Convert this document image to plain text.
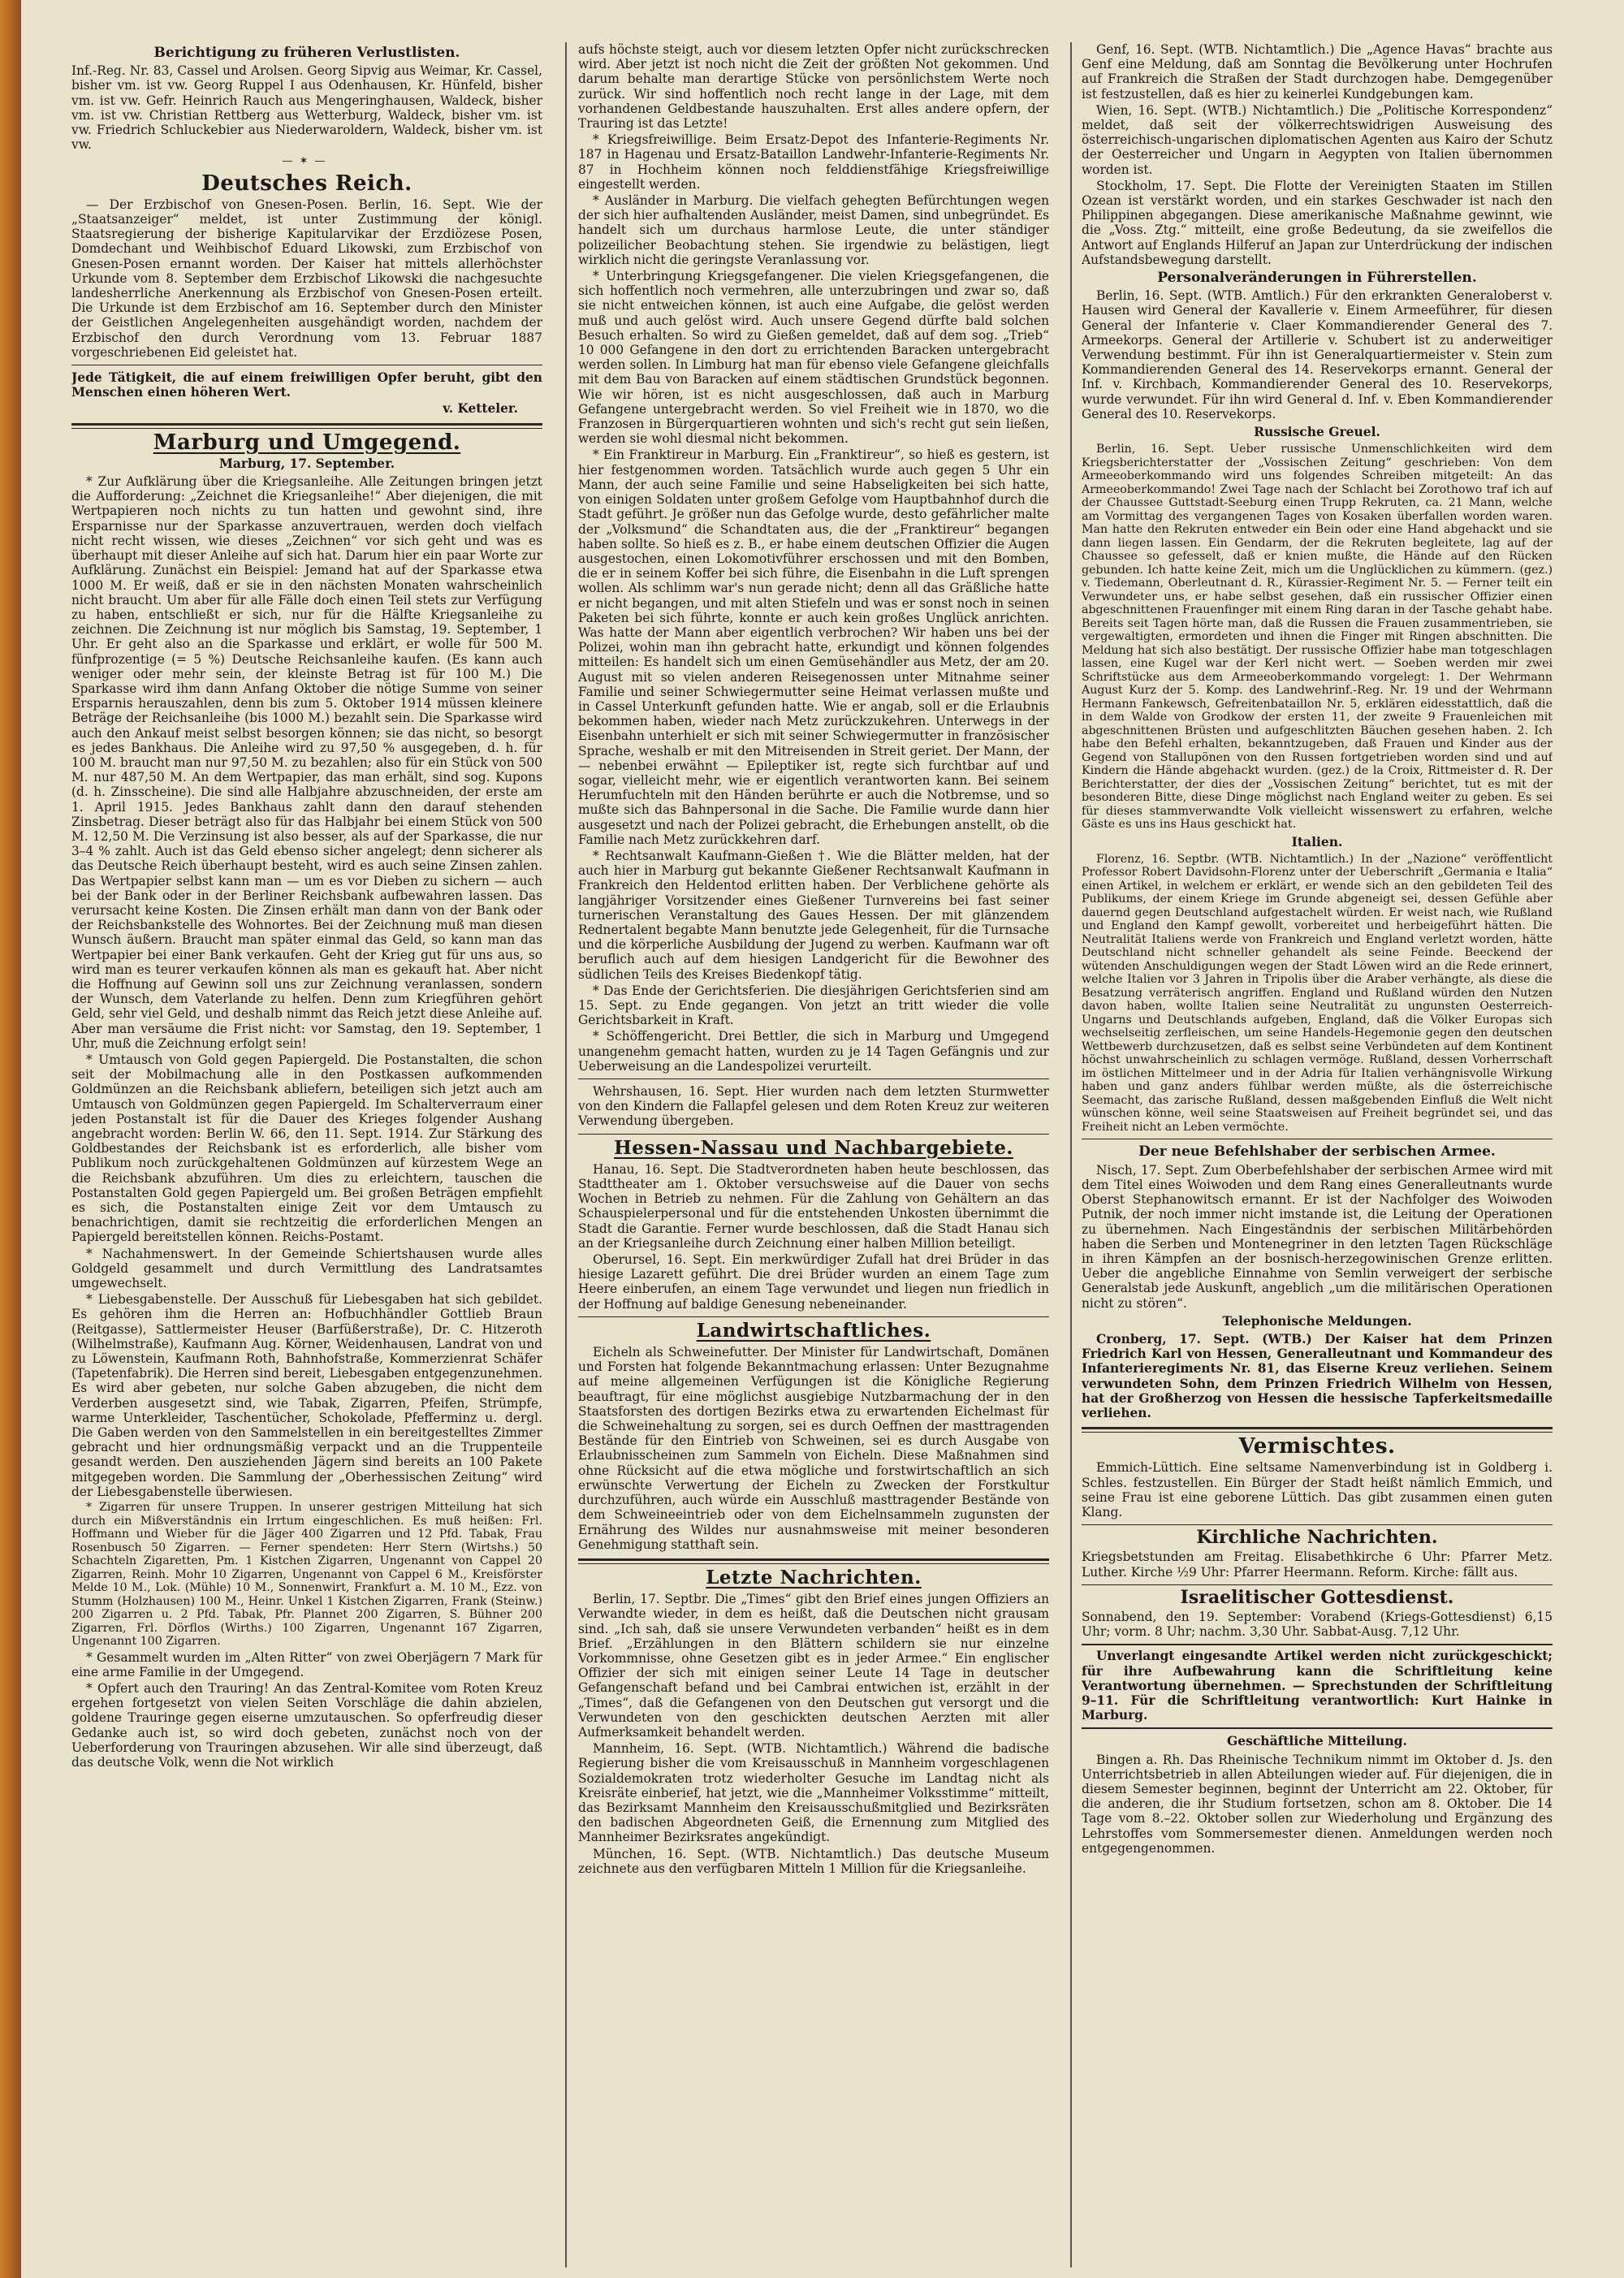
Berichtigung zu früheren Verlustlisten.

Inf.-Reg. Nr. 83, Cassel und Arolsen. Georg Sipvig aus Weimar, Kr. Cassel, bisher vm. ist vw. Georg Ruppel I aus Odenhausen, Kr. Hünfeld, bisher vm. ist vw. Gefr. Heinrich Rauch aus Mengeringhausen, Waldeck, bisher vm. ist vw. Christian Rettberg aus Wetterburg, Waldeck, bisher vm. ist vw. Friedrich Schluckebier aus Niederwaroldern, Waldeck, bisher vm. ist vw.

—✶—
Deutsches Reich.

— Der Erzbischof von Gnesen-Posen. Berlin, 16. Sept. Wie der „Staatsanzeiger“ meldet, ist unter Zustimmung der königl. Staatsregierung der bisherige Kapitularvikar der Erzdiözese Posen, Domdechant und Weihbischof Eduard Likowski, zum Erzbischof von Gnesen-Posen ernannt worden. Der Kaiser hat mittels allerhöchster Urkunde vom 8. September dem Erzbischof Likowski die nachgesuchte landesherrliche Anerkennung als Erzbischof von Gnesen-Posen erteilt. Die Urkunde ist dem Erzbischof am 16. September durch den Minister der Geistlichen Angelegenheiten ausgehändigt worden, nachdem der Erzbischof den durch Verordnung vom 13. Februar 1887 vorgeschriebenen Eid geleistet hat.

Jede Tätigkeit, die auf einem freiwilligen Opfer beruht, gibt den Menschen einen höheren Wert.

v. Ketteler.
Marburg und Umgegend.
Marburg, 17. September.

* Zur Aufklärung über die Kriegsanleihe. Alle Zeitungen bringen jetzt die Aufforderung: „Zeichnet die Kriegsanleihe!“ Aber diejenigen, die mit Wertpapieren noch nichts zu tun hatten und gewohnt sind, ihre Ersparnisse nur der Sparkasse anzuvertrauen, werden doch vielfach nicht recht wissen, wie dieses „Zeichnen“ vor sich geht und was es überhaupt mit dieser Anleihe auf sich hat. Darum hier ein paar Worte zur Aufklärung. Zunächst ein Beispiel: Jemand hat auf der Sparkasse etwa 1000 M. Er weiß, daß er sie in den nächsten Monaten wahrscheinlich nicht braucht. Um aber für alle Fälle doch einen Teil stets zur Verfügung zu haben, entschließt er sich, nur für die Hälfte Kriegsanleihe zu zeichnen. Die Zeichnung ist nur möglich bis Samstag, 19. September, 1 Uhr. Er geht also an die Sparkasse und erklärt, er wolle für 500 M. fünfprozentige (= 5 %) Deutsche Reichsanleihe kaufen. (Es kann auch weniger oder mehr sein, der kleinste Betrag ist für 100 M.) Die Sparkasse wird ihm dann Anfang Oktober die nötige Summe von seiner Ersparnis herauszahlen, denn bis zum 5. Oktober 1914 müssen kleinere Beträge der Reichsanleihe (bis 1000 M.) bezahlt sein. Die Sparkasse wird auch den Ankauf meist selbst besorgen können; sie das nicht, so besorgt es jedes Bankhaus. Die Anleihe wird zu 97,50 % ausgegeben, d. h. für 100 M. braucht man nur 97,50 M. zu bezahlen; also für ein Stück von 500 M. nur 487,50 M. An dem Wertpapier, das man erhält, sind sog. Kupons (d. h. Zinsscheine). Die sind alle Halbjahre abzuschneiden, der erste am 1. April 1915. Jedes Bankhaus zahlt dann den darauf stehenden Zinsbetrag. Dieser beträgt also für das Halbjahr bei einem Stück von 500 M. 12,50 M. Die Verzinsung ist also besser, als auf der Sparkasse, die nur 3–4 % zahlt. Auch ist das Geld ebenso sicher angelegt; denn sicherer als das Deutsche Reich überhaupt besteht, wird es auch seine Zinsen zahlen. Das Wertpapier selbst kann man — um es vor Dieben zu sichern — auch bei der Bank oder in der Berliner Reichsbank aufbewahren lassen. Das verursacht keine Kosten. Die Zinsen erhält man dann von der Bank oder der Reichsbankstelle des Wohnortes. Bei der Zeichnung muß man diesen Wunsch äußern. Braucht man später einmal das Geld, so kann man das Wertpapier bei einer Bank verkaufen. Geht der Krieg gut für uns aus, so wird man es teurer verkaufen können als man es gekauft hat. Aber nicht die Hoffnung auf Gewinn soll uns zur Zeichnung veranlassen, sondern der Wunsch, dem Vaterlande zu helfen. Denn zum Kriegführen gehört Geld, sehr viel Geld, und deshalb nimmt das Reich jetzt diese Anleihe auf. Aber man versäume die Frist nicht: vor Samstag, den 19. September, 1 Uhr, muß die Zeichnung erfolgt sein!

* Umtausch von Gold gegen Papiergeld. Die Postanstalten, die schon seit der Mobilmachung alle in den Postkassen aufkommenden Goldmünzen an die Reichsbank abliefern, beteiligen sich jetzt auch am Umtausch von Goldmünzen gegen Papiergeld. Im Schalterverraum einer jeden Postanstalt ist für die Dauer des Krieges folgender Aushang angebracht worden: Berlin W. 66, den 11. Sept. 1914. Zur Stärkung des Goldbestandes der Reichsbank ist es erforderlich, alle bisher vom Publikum noch zurückgehaltenen Goldmünzen auf kürzestem Wege an die Reichsbank abzuführen. Um dies zu erleichtern, tauschen die Postanstalten Gold gegen Papiergeld um. Bei großen Beträgen empfiehlt es sich, die Postanstalten einige Zeit vor dem Umtausch zu benachrichtigen, damit sie rechtzeitig die erforderlichen Mengen an Papiergeld bereitstellen können. Reichs-Postamt.

* Nachahmenswert. In der Gemeinde Schiertshausen wurde alles Goldgeld gesammelt und durch Vermittlung des Landratsamtes umgewechselt.

* Liebesgabenstelle. Der Ausschuß für Liebesgaben hat sich gebildet. Es gehören ihm die Herren an: Hofbuchhändler Gottlieb Braun (Reitgasse), Sattlermeister Heuser (Barfüßerstraße), Dr. C. Hitzeroth (Wilhelmstraße), Kaufmann Aug. Körner, Weidenhausen, Landrat von und zu Löwenstein, Kaufmann Roth, Bahnhofstraße, Kommerzienrat Schäfer (Tapetenfabrik). Die Herren sind bereit, Liebesgaben entgegenzunehmen. Es wird aber gebeten, nur solche Gaben abzugeben, die nicht dem Verderben ausgesetzt sind, wie Tabak, Zigarren, Pfeifen, Strümpfe, warme Unterkleider, Taschentücher, Schokolade, Pfefferminz u. dergl. Die Gaben werden von den Sammelstellen in ein bereitgestelltes Zimmer gebracht und hier ordnungsmäßig verpackt und an die Truppenteile gesandt werden. Den ausziehenden Jägern sind bereits an 100 Pakete mitgegeben worden. Die Sammlung der „Oberhessischen Zeitung“ wird der Liebesgabenstelle überwiesen.

* Zigarren für unsere Truppen. In unserer gestrigen Mitteilung hat sich durch ein Mißverständnis ein Irrtum eingeschlichen. Es muß heißen: Frl. Hoffmann und Wieber für die Jäger 400 Zigarren und 12 Pfd. Tabak, Frau Rosenbusch 50 Zigarren. — Ferner spendeten: Herr Stern (Wirtshs.) 50 Schachteln Zigaretten, Pm. 1 Kistchen Zigarren, Ungenannt von Cappel 20 Zigarren, Reinh. Mohr 10 Zigarren, Ungenannt von Cappel 6 M., Kreisförster Melde 10 M., Lok. (Mühle) 10 M., Sonnenwirt, Frankfurt a. M. 10 M., Ezz. von Stumm (Holzhausen) 100 M., Heinr. Unkel 1 Kistchen Zigarren, Frank (Steinw.) 200 Zigarren u. 2 Pfd. Tabak, Pfr. Plannet 200 Zigarren, S. Bühner 200 Zigarren, Frl. Dörflos (Wirths.) 100 Zigarren, Ungenannt 167 Zigarren, Ungenannt 100 Zigarren.

* Gesammelt wurden im „Alten Ritter“ von zwei Oberjägern 7 Mark für eine arme Familie in der Umgegend.

* Opfert auch den Trauring! An das Zentral-Komitee vom Roten Kreuz ergehen fortgesetzt von vielen Seiten Vorschläge die dahin abzielen, goldene Trauringe gegen eiserne umzutauschen. So opferfreudig dieser Gedanke auch ist, so wird doch gebeten, zunächst noch von der Ueberforderung von Trauringen abzusehen. Wir alle sind überzeugt, daß das deutsche Volk, wenn die Not wirklich

aufs höchste steigt, auch vor diesem letzten Opfer nicht zurückschrecken wird. Aber jetzt ist noch nicht die Zeit der größten Not gekommen. Und darum behalte man derartige Stücke von persönlichstem Werte noch zurück. Wir sind hoffentlich noch recht lange in der Lage, mit dem vorhandenen Geldbestande hauszuhalten. Erst alles andere opfern, der Trauring ist das Letzte!

* Kriegsfreiwillige. Beim Ersatz-Depot des Infanterie-Regiments Nr. 187 in Hagenau und Ersatz-Bataillon Landwehr-Infanterie-Regiments Nr. 87 in Hochheim können noch felddienstfähige Kriegsfreiwillige eingestellt werden.

* Ausländer in Marburg. Die vielfach gehegten Befürchtungen wegen der sich hier aufhaltenden Ausländer, meist Damen, sind unbegründet. Es handelt sich um durchaus harmlose Leute, die unter ständiger polizeilicher Beobachtung stehen. Sie irgendwie zu belästigen, liegt wirklich nicht die geringste Veranlassung vor.

* Unterbringung Kriegsgefangener. Die vielen Kriegsgefangenen, die sich hoffentlich noch vermehren, alle unterzubringen und zwar so, daß sie nicht entweichen können, ist auch eine Aufgabe, die gelöst werden muß und auch gelöst wird. Auch unsere Gegend dürfte bald solchen Besuch erhalten. So wird zu Gießen gemeldet, daß auf dem sog. „Trieb“ 10 000 Gefangene in den dort zu errichtenden Baracken untergebracht werden sollen. In Limburg hat man für ebenso viele Gefangene gleichfalls mit dem Bau von Baracken auf einem städtischen Grundstück begonnen. Wie wir hören, ist es nicht ausgeschlossen, daß auch in Marburg Gefangene untergebracht werden. So viel Freiheit wie in 1870, wo die Franzosen in Bürgerquartieren wohnten und sich's recht gut sein ließen, werden sie wohl diesmal nicht bekommen.

* Ein Franktireur in Marburg. Ein „Franktireur“, so hieß es gestern, ist hier festgenommen worden. Tatsächlich wurde auch gegen 5 Uhr ein Mann, der auch seine Familie und seine Habseligkeiten bei sich hatte, von einigen Soldaten unter großem Gefolge vom Hauptbahnhof durch die Stadt geführt. Je größer nun das Gefolge wurde, desto gefährlicher malte der „Volksmund“ die Schandtaten aus, die der „Franktireur“ begangen haben sollte. So hieß es z. B., er habe einem deutschen Offizier die Augen ausgestochen, einen Lokomotivführer erschossen und mit den Bomben, die er in seinem Koffer bei sich führe, die Eisenbahn in die Luft sprengen wollen. Als schlimm war's nun gerade nicht; denn all das Gräßliche hatte er nicht begangen, und mit alten Stiefeln und was er sonst noch in seinen Paketen bei sich führte, konnte er auch kein großes Unglück anrichten. Was hatte der Mann aber eigentlich verbrochen? Wir haben uns bei der Polizei, wohin man ihn gebracht hatte, erkundigt und können folgendes mitteilen: Es handelt sich um einen Gemüsehändler aus Metz, der am 20. August mit so vielen anderen Reisegenossen unter Mitnahme seiner Familie und seiner Schwiegermutter seine Heimat verlassen mußte und in Cassel Unterkunft gefunden hatte. Wie er angab, soll er die Erlaubnis bekommen haben, wieder nach Metz zurückzukehren. Unterwegs in der Eisenbahn unterhielt er sich mit seiner Schwiegermutter in französischer Sprache, weshalb er mit den Mitreisenden in Streit geriet. Der Mann, der — nebenbei erwähnt — Epileptiker ist, regte sich furchtbar auf und sogar, vielleicht mehr, wie er eigentlich verantworten kann. Bei seinem Herumfuchteln mit den Händen berührte er auch die Notbremse, und so mußte sich das Bahnpersonal in die Sache. Die Familie wurde dann hier ausgesetzt und nach der Polizei gebracht, die Erhebungen anstellt, ob die Familie nach Metz zurückkehren darf.

* Rechtsanwalt Kaufmann-Gießen †. Wie die Blätter melden, hat der auch hier in Marburg gut bekannte Gießener Rechtsanwalt Kaufmann in Frankreich den Heldentod erlitten haben. Der Verblichene gehörte als langjähriger Vorsitzender eines Gießener Turnvereins bei fast seiner turnerischen Veranstaltung des Gaues Hessen. Der mit glänzendem Rednertalent begabte Mann benutzte jede Gelegenheit, für die Turnsache und die körperliche Ausbildung der Jugend zu werben. Kaufmann war oft beruflich auch auf dem hiesigen Landgericht für die Bewohner des südlichen Teils des Kreises Biedenkopf tätig.

* Das Ende der Gerichtsferien. Die diesjährigen Gerichtsferien sind am 15. Sept. zu Ende gegangen. Von jetzt an tritt wieder die volle Gerichtsbarkeit in Kraft.

* Schöffengericht. Drei Bettler, die sich in Marburg und Umgegend unangenehm gemacht hatten, wurden zu je 14 Tagen Gefängnis und zur Ueberweisung an die Landespolizei verurteilt.

Wehrshausen, 16. Sept. Hier wurden nach dem letzten Sturmwetter von den Kindern die Fallapfel gelesen und dem Roten Kreuz zur weiteren Verwendung übergeben.

Hessen-Nassau und Nachbargebiete.

Hanau, 16. Sept. Die Stadtverordneten haben heute beschlossen, das Stadttheater am 1. Oktober versuchsweise auf die Dauer von sechs Wochen in Betrieb zu nehmen. Für die Zahlung von Gehältern an das Schauspielerpersonal und für die entstehenden Unkosten übernimmt die Stadt die Garantie. Ferner wurde beschlossen, daß die Stadt Hanau sich an der Kriegsanleihe durch Zeichnung einer halben Million beteiligt.

Oberursel, 16. Sept. Ein merkwürdiger Zufall hat drei Brüder in das hiesige Lazarett geführt. Die drei Brüder wurden an einem Tage zum Heere einberufen, an einem Tage verwundet und liegen nun friedlich in der Hoffnung auf baldige Genesung nebeneinander.

Landwirtschaftliches.

Eicheln als Schweinefutter. Der Minister für Landwirtschaft, Domänen und Forsten hat folgende Bekanntmachung erlassen: Unter Bezugnahme auf meine allgemeinen Verfügungen ist die Königliche Regierung beauftragt, für eine möglichst ausgiebige Nutzbarmachung der in den Staatsforsten des dortigen Bezirks etwa zu erwartenden Eichelmast für die Schweinehaltung zu sorgen, sei es durch Oeffnen der masttragenden Bestände für den Eintrieb von Schweinen, sei es durch Ausgabe von Erlaubnisscheinen zum Sammeln von Eicheln. Diese Maßnahmen sind ohne Rücksicht auf die etwa mögliche und forstwirtschaftlich an sich erwünschte Verwertung der Eicheln zu Zwecken der Forstkultur durchzuführen, auch würde ein Ausschluß masttragender Bestände von dem Schweineeintrieb oder von dem Eichelnsammeln zugunsten der Ernährung des Wildes nur ausnahmsweise mit meiner besonderen Genehmigung statthaft sein.

Letzte Nachrichten.

Berlin, 17. Septbr. Die „Times“ gibt den Brief eines jungen Offiziers an Verwandte wieder, in dem es heißt, daß die Deutschen nicht grausam sind. „Ich sah, daß sie unsere Verwundeten verbanden“ heißt es in dem Brief. „Erzählungen in den Blättern schildern sie nur einzelne Vorkommnisse, ohne Gesetzen gibt es in jeder Armee.“ Ein englischer Offizier der sich mit einigen seiner Leute 14 Tage in deutscher Gefangenschaft befand und bei Cambrai entwichen ist, erzählt in der „Times“, daß die Gefangenen von den Deutschen gut versorgt und die Verwundeten von den geschickten deutschen Aerzten mit aller Aufmerksamkeit behandelt werden.

Mannheim, 16. Sept. (WTB. Nichtamtlich.) Während die badische Regierung bisher die vom Kreisausschuß in Mannheim vorgeschlagenen Sozialdemokraten trotz wiederholter Gesuche im Landtag nicht als Kreisräte einberief, hat jetzt, wie die „Mannheimer Volksstimme“ mitteilt, das Bezirksamt Mannheim den Kreisausschußmitglied und Bezirksräten den badischen Abgeordneten Geiß, die Ernennung zum Mitglied des Mannheimer Bezirksrates angekündigt.

München, 16. Sept. (WTB. Nichtamtlich.) Das deutsche Museum zeichnete aus den verfügbaren Mitteln 1 Million für die Kriegsanleihe.

Genf, 16. Sept. (WTB. Nichtamtlich.) Die „Agence Havas“ brachte aus Genf eine Meldung, daß am Sonntag die Bevölkerung unter Hochrufen auf Frankreich die Straßen der Stadt durchzogen habe. Demgegenüber ist festzustellen, daß es hier zu keinerlei Kundgebungen kam.

Wien, 16. Sept. (WTB.) Nichtamtlich.) Die „Politische Korrespondenz“ meldet, daß seit der völkerrechtswidrigen Ausweisung des österreichisch-ungarischen diplomatischen Agenten aus Kairo der Schutz der Oesterreicher und Ungarn in Aegypten von Italien übernommen worden ist.

Stockholm, 17. Sept. Die Flotte der Vereinigten Staaten im Stillen Ozean ist verstärkt worden, und ein starkes Geschwader ist nach den Philippinen abgegangen. Diese amerikanische Maßnahme gewinnt, wie die „Voss. Ztg.“ mitteilt, eine große Bedeutung, da sie zweifellos die Antwort auf Englands Hilferuf an Japan zur Unterdrückung der indischen Aufstandsbewegung darstellt.

Personalveränderungen in Führerstellen.

Berlin, 16. Sept. (WTB. Amtlich.) Für den erkrankten Generaloberst v. Hausen wird General der Kavallerie v. Einem Armeeführer, für diesen General der Infanterie v. Claer Kommandierender General des 7. Armeekorps. General der Artillerie v. Schubert ist zu anderweitiger Verwendung bestimmt. Für ihn ist Generalquartiermeister v. Stein zum Kommandierenden General des 14. Reservekorps ernannt. General der Inf. v. Kirchbach, Kommandierender General des 10. Reservekorps, wurde verwundet. Für ihn wird General d. Inf. v. Eben Kommandierender General des 10. Reservekorps.

Russische Greuel.

Berlin, 16. Sept. Ueber russische Unmenschlichkeiten wird dem Kriegsberichterstatter der „Vossischen Zeitung“ geschrieben: Von dem Armeeoberkommando wird uns folgendes Schreiben mitgeteilt: An das Armeeoberkommando! Zwei Tage nach der Schlacht bei Zorothowo traf ich auf der Chaussee Guttstadt-Seeburg einen Trupp Rekruten, ca. 21 Mann, welche am Vormittag des vergangenen Tages von Kosaken überfallen worden waren. Man hatte den Rekruten entweder ein Bein oder eine Hand abgehackt und sie dann liegen lassen. Ein Gendarm, der die Rekruten begleitete, lag auf der Chaussee so gefesselt, daß er knien mußte, die Hände auf den Rücken gebunden. Ich hatte keine Zeit, mich um die Unglücklichen zu kümmern. (gez.) v. Tiedemann, Oberleutnant d. R., Kürassier-Regiment Nr. 5. — Ferner teilt ein Verwundeter uns, er habe selbst gesehen, daß ein russischer Offizier einen abgeschnittenen Frauenfinger mit einem Ring daran in der Tasche gehabt habe. Bereits seit Tagen hörte man, daß die Russen die Frauen zusammentrieben, sie vergewaltigten, ermordeten und ihnen die Finger mit Ringen abschnitten. Die Meldung hat sich also bestätigt. Der russische Offizier habe man totgeschlagen lassen, eine Kugel war der Kerl nicht wert. — Soeben werden mir zwei Schriftstücke aus dem Armeeoberkommando vorgelegt: 1. Der Wehrmann August Kurz der 5. Komp. des Landwehrinf.-Reg. Nr. 19 und der Wehrmann Hermann Fankewsch, Gefreitenbataillon Nr. 5, erklären eidesstattlich, daß die in dem Walde von Grodkow der ersten 11, der zweite 9 Frauenleichen mit abgeschnittenen Brüsten und aufgeschlitzten Bäuchen gesehen haben. 2. Ich habe den Befehl erhalten, bekanntzugeben, daß Frauen und Kinder aus der Gegend von Stallupönen von den Russen fortgetrieben worden sind und auf Kindern die Hände abgehackt wurden. (gez.) de la Croix, Rittmeister d. R. Der Berichterstatter, der dies der „Vossischen Zeitung“ berichtet, tut es mit der besonderen Bitte, diese Dinge möglichst nach England weiter zu geben. Es sei für dieses stammverwandte Volk vielleicht wissenswert zu erfahren, welche Gäste es uns ins Haus geschickt hat.

Italien.

Florenz, 16. Septbr. (WTB. Nichtamtlich.) In der „Nazione“ veröffentlicht Professor Robert Davidsohn-Florenz unter der Ueberschrift „Germania e Italia“ einen Artikel, in welchem er erklärt, er wende sich an den gebildeten Teil des Publikums, der einem Kriege im Grunde abgeneigt sei, dessen Gefühle aber dauernd gegen Deutschland aufgestachelt würden. Er weist nach, wie Rußland und England den Kampf gewollt, vorbereitet und herbeigeführt hätten. Die Neutralität Italiens werde von Frankreich und England verletzt worden, hätte Deutschland nicht schneller gehandelt als seine Feinde. Beeckend der wütenden Anschuldigungen wegen der Stadt Löwen wird an die Rede erinnert, welche Italien vor 3 Jahren in Tripolis über die Araber verhängte, als diese die Besatzung verräterisch angriffen. England und Rußland würden den Nutzen davon haben, wollte Italien seine Neutralität zu ungunsten Oesterreich-Ungarns und Deutschlands aufgeben, England, daß die Völker Europas sich wechselseitig zerfleischen, um seine Handels-Hegemonie gegen den deutschen Wettbewerb durchzusetzen, daß es selbst seine Verbündeten auf dem Kontinent höchst unwahrscheinlich zu schlagen vermöge. Rußland, dessen Vorherrschaft im östlichen Mittelmeer und in der Adria für Italien verhängnisvolle Wirkung haben und ganz anders fühlbar werden müßte, als die österreichische Seemacht, das zarische Rußland, dessen maßgebenden Einfluß die Welt nicht wünschen könne, weil seine Staatsweisen auf Freiheit begründet sei, und das Freiheit nicht an Leben vermöchte.

Der neue Befehlshaber der serbischen Armee.

Nisch, 17. Sept. Zum Oberbefehlshaber der serbischen Armee wird mit dem Titel eines Woiwoden und dem Rang eines Generalleutnants wurde Oberst Stephanowitsch ernannt. Er ist der Nachfolger des Woiwoden Putnik, der noch immer nicht imstande ist, die Leitung der Operationen zu übernehmen. Nach Eingeständnis der serbischen Militärbehörden haben die Serben und Montenegriner in den letzten Tagen Rückschläge in ihren Kämpfen an der bosnisch-herzegowinischen Grenze erlitten. Ueber die angebliche Einnahme von Semlin verweigert der serbische Generalstab jede Auskunft, angeblich „um die militärischen Operationen nicht zu stören“.

Telephonische Meldungen.

Cronberg, 17. Sept. (WTB.) Der Kaiser hat dem Prinzen Friedrich Karl von Hessen, Generalleutnant und Kommandeur des Infanterieregiments Nr. 81, das Eiserne Kreuz verliehen. Seinem verwundeten Sohn, dem Prinzen Friedrich Wilhelm von Hessen, hat der Großherzog von Hessen die hessische Tapferkeitsmedaille verliehen.

Vermischtes.

Emmich-Lüttich. Eine seltsame Namenverbindung ist in Goldberg i. Schles. festzustellen. Ein Bürger der Stadt heißt nämlich Emmich, und seine Frau ist eine geborene Lüttich. Das gibt zusammen einen guten Klang.

Kirchliche Nachrichten.

Kriegsbetstunden am Freitag. Elisabethkirche 6 Uhr: Pfarrer Metz. Luther. Kirche ½9 Uhr: Pfarrer Heermann. Reform. Kirche: fällt aus.

Israelitischer Gottesdienst.

Sonnabend, den 19. September: Vorabend (Kriegs-Gottesdienst) 6,15 Uhr; vorm. 8 Uhr; nachm. 3,30 Uhr. Sabbat-Ausg. 7,12 Uhr.

Unverlangt eingesandte Artikel werden nicht zurückgeschickt; für ihre Aufbewahrung kann die Schriftleitung keine Verantwortung übernehmen. — Sprechstunden der Schriftleitung 9–11. Für die Schriftleitung verantwortlich: Kurt Hainke in Marburg.

Geschäftliche Mitteilung.

Bingen a. Rh. Das Rheinische Technikum nimmt im Oktober d. Js. den Unterrichtsbetrieb in allen Abteilungen wieder auf. Für diejenigen, die in diesem Semester beginnen, beginnt der Unterricht am 22. Oktober, für die anderen, die ihr Studium fortsetzen, schon am 8. Oktober. Die 14 Tage vom 8.–22. Oktober sollen zur Wiederholung und Ergänzung des Lehrstoffes vom Sommersemester dienen. Anmeldungen werden noch entgegengenommen.
